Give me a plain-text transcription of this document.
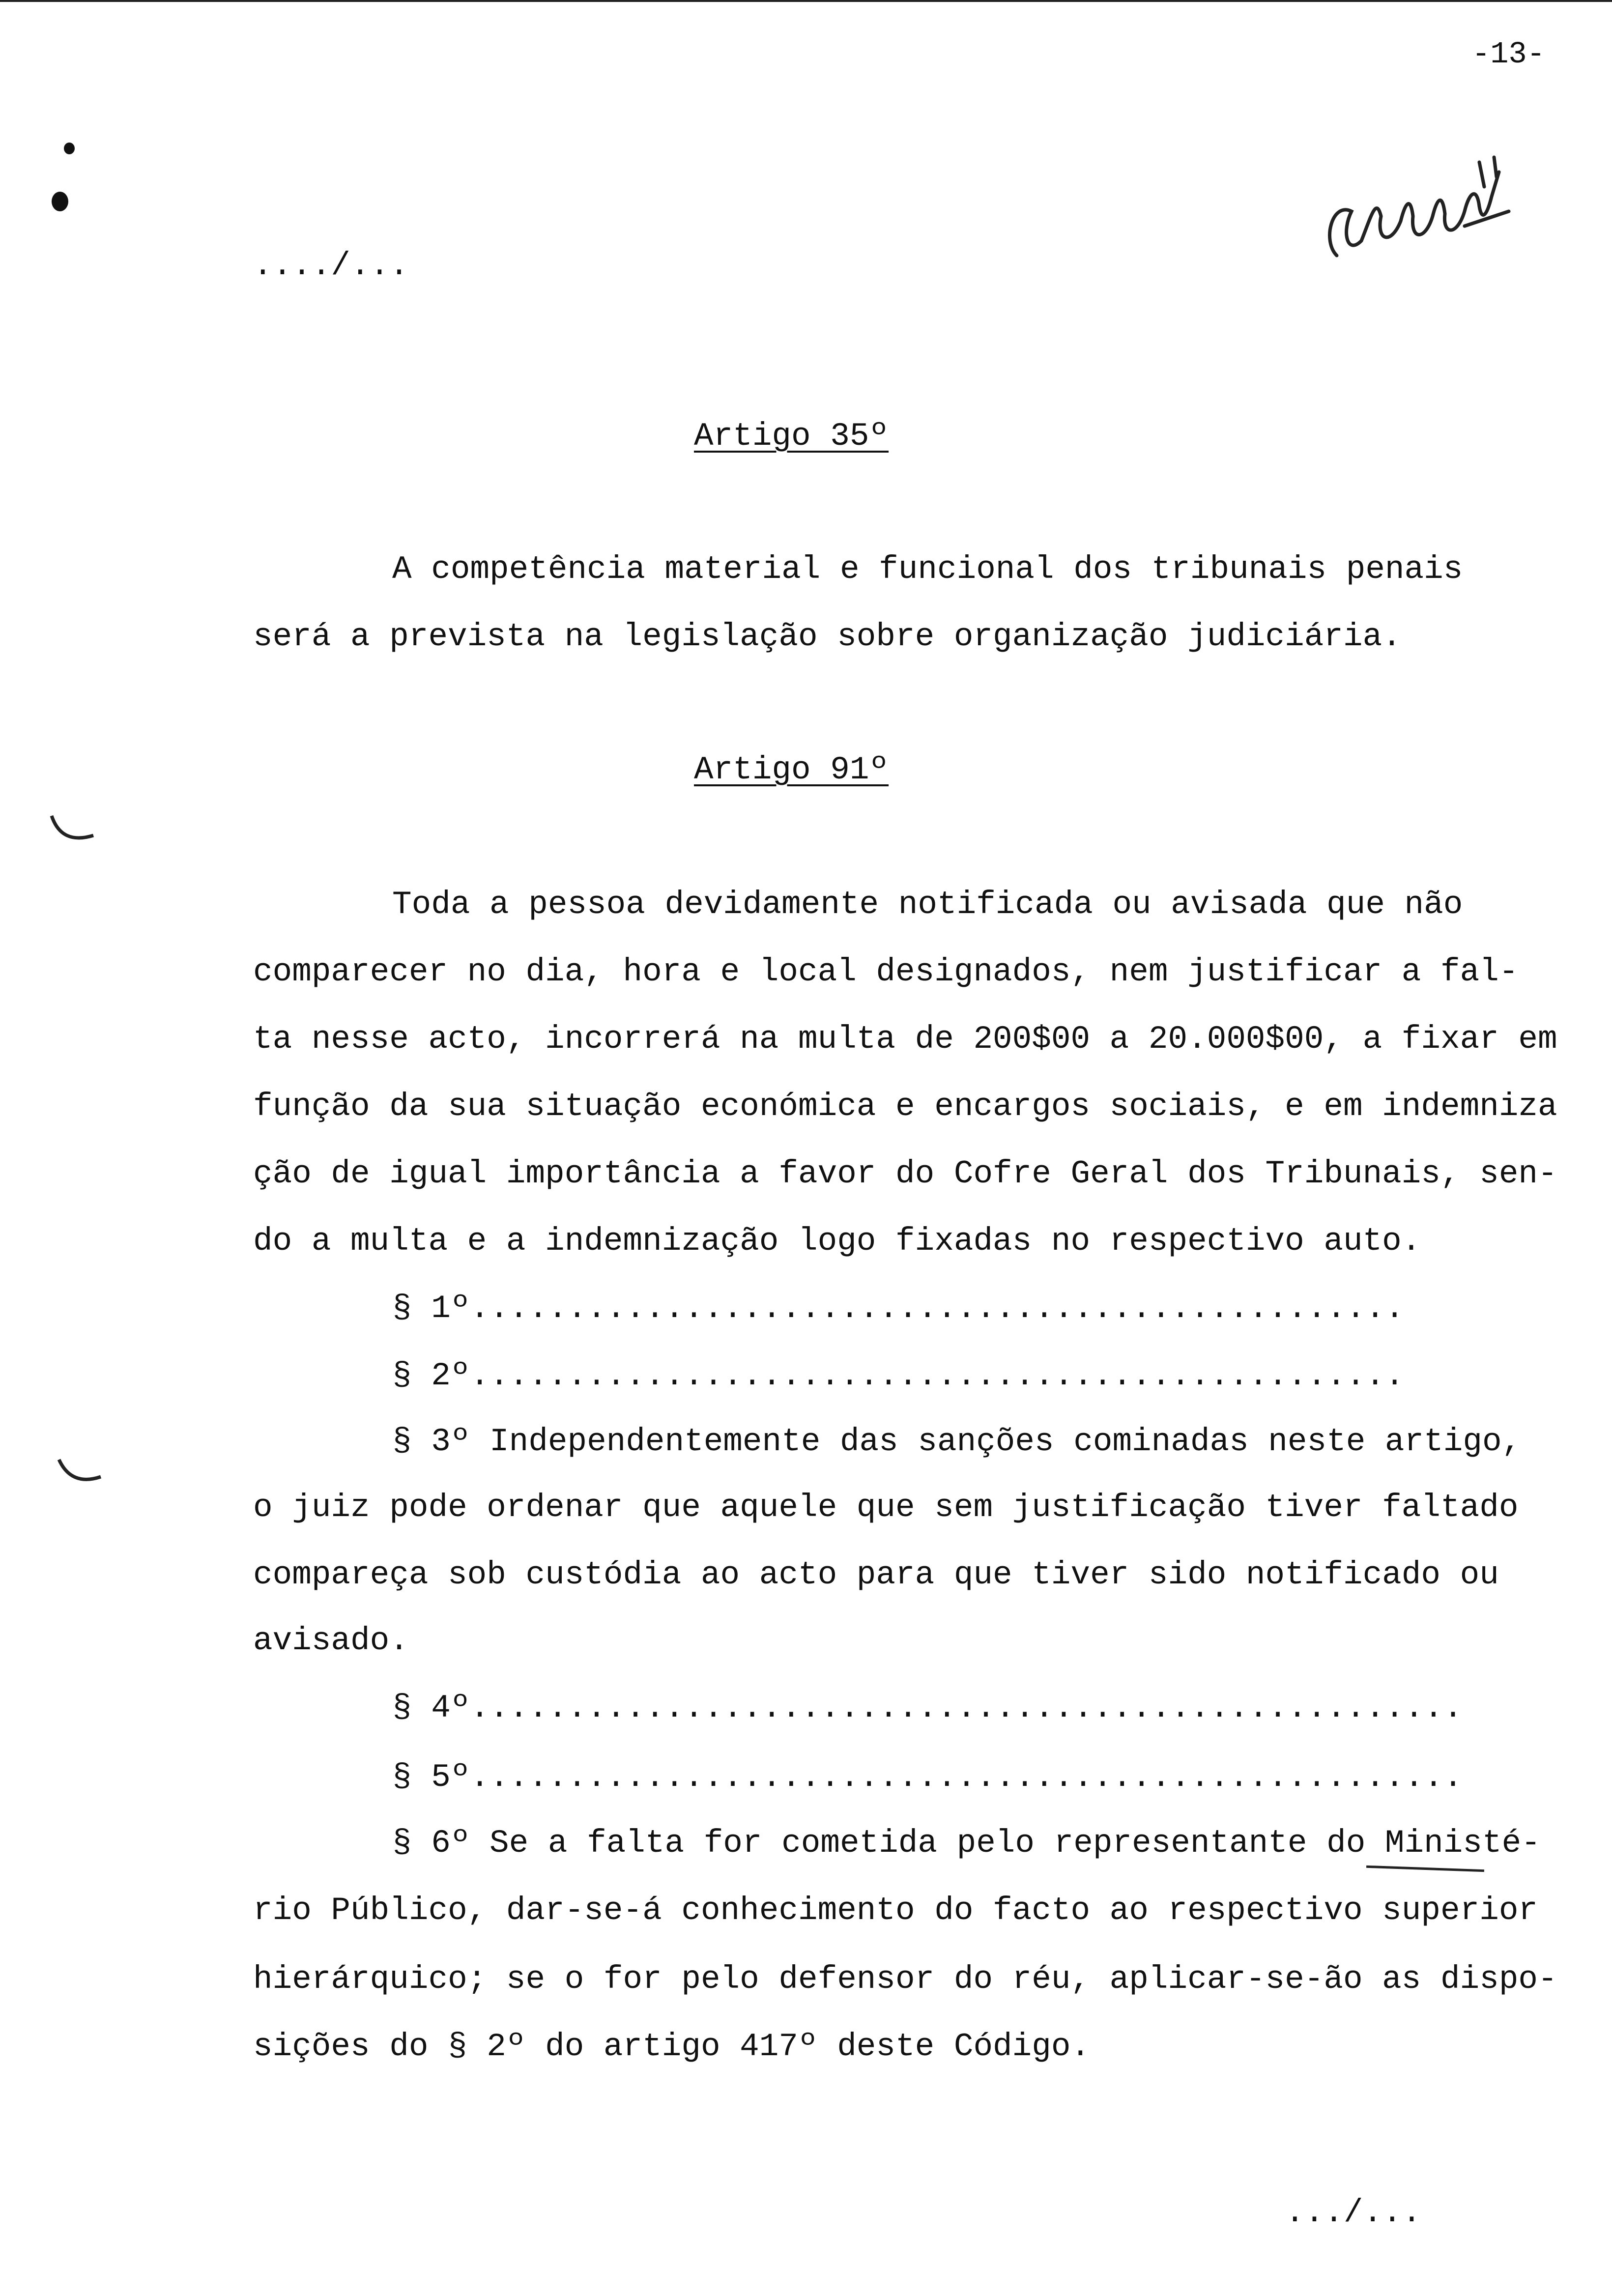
-13-
..../...
Artigo 35º
A competência material e funcional dos tribunais penais
será a prevista na legislação sobre organização judiciária.
Artigo 91º
Toda a pessoa devidamente notificada ou avisada que não
comparecer no dia, hora e local designados, nem justificar a fal-
ta nesse acto, incorrerá na multa de 200$00 a 20.000$00, a fixar em
função da sua situação económica e encargos sociais, e em indemniza
ção de igual importância a favor do Cofre Geral dos Tribunais, sen-
do a multa e a indemnização logo fixadas no respectivo auto.
§ 1º................................................
§ 2º................................................
§ 3º Independentemente das sanções cominadas neste artigo,
o juiz pode ordenar que aquele que sem justificação tiver faltado
compareça sob custódia ao acto para que tiver sido notificado ou
avisado.
§ 4º...................................................
§ 5º...................................................
§ 6º Se a falta for cometida pelo representante do Ministé-
rio Público, dar-se-á conhecimento do facto ao respectivo superior
hierárquico; se o for pelo defensor do réu, aplicar-se-ão as dispo-
sições do § 2º do artigo 417º deste Código.
.../...
